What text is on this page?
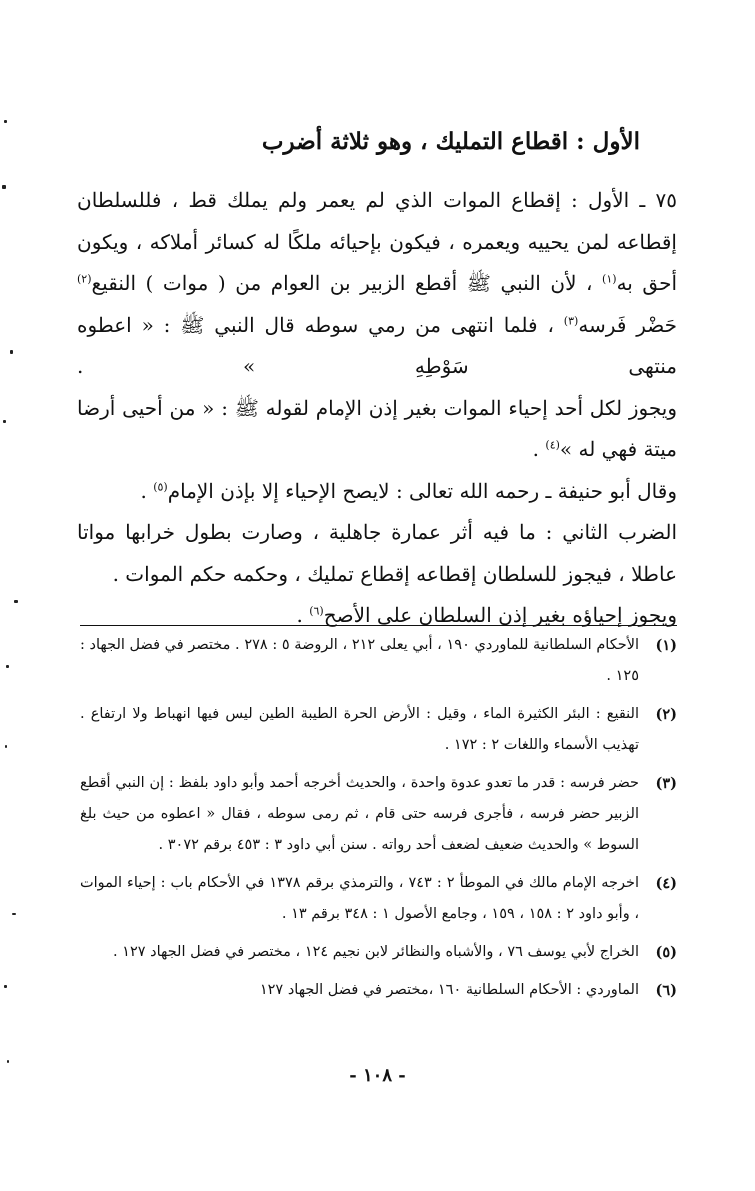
الأول : اقطاع التمليك ، وهو ثلاثة أضرب

٧٥ ـ الأول : إقطاع الموات الذي لم يعمر ولم يملك قط ، فللسلطان إقطاعه لمن يحييه ويعمره ، فيكون بإحيائه ملكًا له كسائر أملاكه ، ويكون أحق به$^{(١)}$ ، لأن النبي ﷺ أقطع الزبير بن العوام من ( موات ) النقيع$^{(٢)}$ حَضْر فَرسه$^{(٣)}$ ، فلما انتهى من رمي سوطه قال النبي ﷺ : « اعطوه منتهى سَوْطِهِ » .

ويجوز لكل أحد إحياء الموات بغير إذن الإمام لقوله ﷺ : « من أحيى أرضا ميتة فهي له »$^{(٤)}$ .

وقال أبو حنيفة ـ رحمه الله تعالى : لايصح الإحياء إلا بإذن الإمام$^{(٥)}$ .

الضرب الثاني : ما فيه أثر عمارة جاهلية ، وصارت بطول خرابها مواتا عاطلا ، فيجوز للسلطان إقطاعه إقطاع تمليك ، وحكمه حكم الموات .

ويجوز إحياؤه بغير إذن السلطان على الأصح$^{(٦)}$ .

(١)
الأحكام السلطانية للماوردي ١٩٠ ، أبي يعلى ٢١٢ ، الروضة ٥ : ٢٧٨ . مختصر في فضل الجهاد : ١٢٥ .
(٢)
النقيع : البئر الكثيرة الماء ، وقيل : الأرض الحرة الطيبة الطين ليس فيها انهباط ولا ارتفاع . تهذيب الأسماء واللغات ٢ : ١٧٢ .
(٣)
حضر فرسه : قدر ما تعدو عدوة واحدة ، والحديث أخرجه أحمد وأبو داود بلفظ : إن النبي أقطع الزبير حضر فرسه ، فأجرى فرسه حتى قام ، ثم رمى سوطه ، فقال « اعطوه من حيث بلغ السوط » والحديث ضعيف لضعف أحد رواته . سنن أبي داود ٣ : ٤٥٣ برقم ٣٠٧٢ .
(٤)
اخرجه الإمام مالك في الموطأ ٢ : ٧٤٣ ، والترمذي برقم ١٣٧٨ في الأحكام باب : إحياء الموات ، وأبو داود ٢ : ١٥٨ ، ١٥٩ ، وجامع الأصول ١ : ٣٤٨ برقم ١٣ .
(٥)
الخراج لأبي يوسف ٧٦ ، والأشباه والنظائر لابن نجيم ١٢٤ ، مختصر في فضل الجهاد ١٢٧ .
(٦)
الماوردي : الأحكام السلطانية ١٦٠ ،مختصر في فضل الجهاد ١٢٧
- ١٠٨ -
